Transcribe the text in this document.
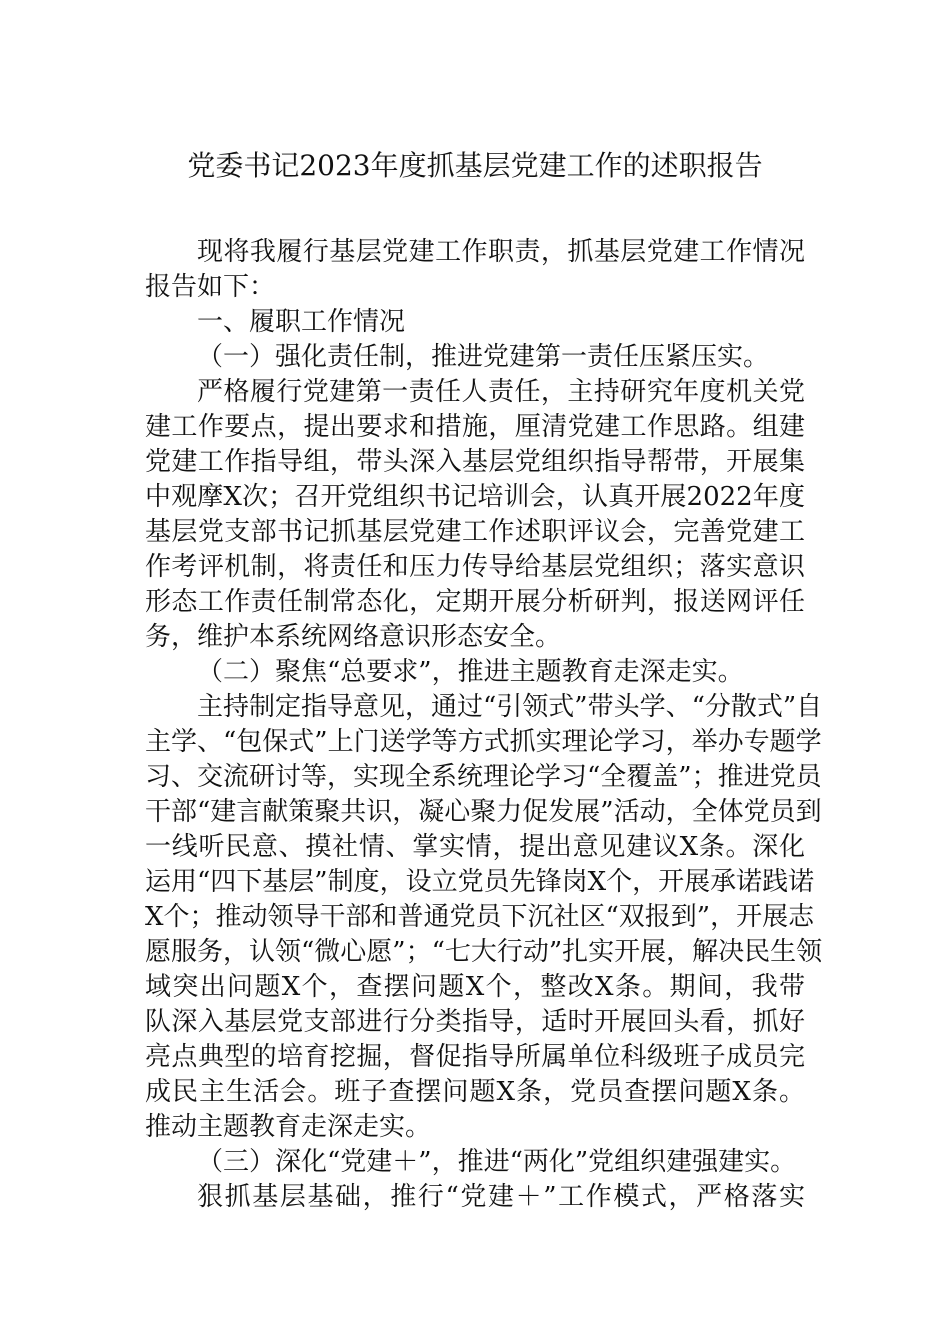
党委书记2023年度抓基层党建工作的述职报告
现将我履行基层党建工作职责，抓基层党建工作情况
报告如下：
一、履职工作情况
（一）强化责任制，推进党建第一责任压紧压实。
严格履行党建第一责任人责任，主持研究年度机关党
建工作要点，提出要求和措施，厘清党建工作思路。组建
党建工作指导组，带头深入基层党组织指导帮带，开展集
中观摩X次；召开党组织书记培训会，认真开展2022年度
基层党支部书记抓基层党建工作述职评议会，完善党建工
作考评机制，将责任和压力传导给基层党组织；落实意识
形态工作责任制常态化，定期开展分析研判，报送网评任
务，维护本系统网络意识形态安全。
（二）聚焦“总要求”，推进主题教育走深走实。
主持制定指导意见，通过“引领式”带头学、“分散式”自
主学、“包保式”上门送学等方式抓实理论学习，举办专题学
习、交流研讨等，实现全系统理论学习“全覆盖”；推进党员
干部“建言献策聚共识，凝心聚力促发展”活动，全体党员到
一线听民意、摸社情、掌实情，提出意见建议X条。深化
运用“四下基层”制度，设立党员先锋岗X个，开展承诺践诺
X个；推动领导干部和普通党员下沉社区“双报到”，开展志
愿服务，认领“微心愿”；“七大行动”扎实开展，解决民生领
域突出问题X个，查摆问题X个，整改X条。期间，我带
队深入基层党支部进行分类指导，适时开展回头看，抓好
亮点典型的培育挖掘，督促指导所属单位科级班子成员完
成民主生活会。班子查摆问题X条，党员查摆问题X条。
推动主题教育走深走实。
（三）深化“党建＋”，推进“两化”党组织建强建实。
狠抓基层基础，推行“党建＋”工作模式，严格落实
